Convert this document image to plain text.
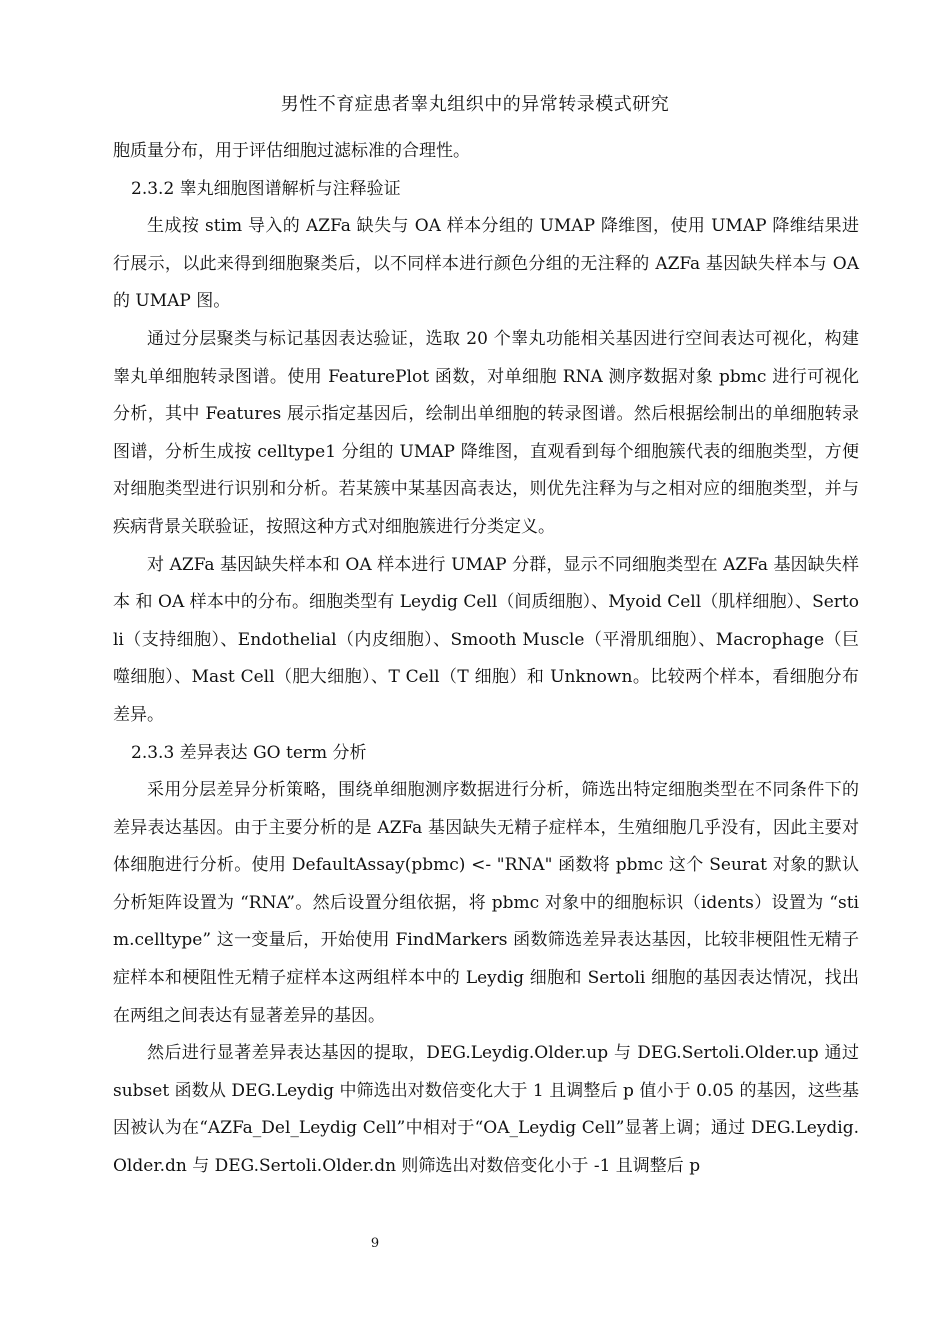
男性不育症患者睾丸组织中的异常转录模式研究

胞质量分布，用于评估细胞过滤标准的合理性。

2.3.2 睾丸细胞图谱解析与注释验证

生成按 stim 导入的 AZFa 缺失与 OA 样本分组的 UMAP 降维图，使用 UMAP 降维结果进行展示，以此来得到细胞聚类后，以不同样本进行颜色分组的无注释的 AZFa 基因缺失样本与 OA 的 UMAP 图。

通过分层聚类与标记基因表达验证，选取 20 个睾丸功能相关基因进行空间表达可视化，构建睾丸单细胞转录图谱。使用 FeaturePlot 函数，对单细胞 RNA 测序数据对象 pbmc 进行可视化分析，其中 Features 展示指定基因后，绘制出单细胞的转录图谱。然后根据绘制出的单细胞转录图谱，分析生成按 celltype1 分组的 UMAP 降维图，直观看到每个细胞簇代表的细胞类型，方便对细胞类型进行识别和分析。若某簇中某基因高表达，则优先注释为与之相对应的细胞类型，并与疾病背景关联验证，按照这种方式对细胞簇进行分类定义。

对 AZFa 基因缺失样本和 OA 样本进行 UMAP 分群，显示不同细胞类型在 AZFa 基因缺失样本 和 OA 样本中的分布。细胞类型有 Leydig Cell（间质细胞）、Myoid Cell（肌样细胞）、Sertoli（支持细胞）、Endothelial（内皮细胞）、Smooth Muscle（平滑肌细胞）、Macrophage（巨噬细胞）、Mast Cell（肥大细胞）、T Cell（T 细胞）和 Unknown。比较两个样本，看细胞分布差异。

2.3.3 差异表达 GO term 分析

采用分层差异分析策略，围绕单细胞测序数据进行分析，筛选出特定细胞类型在不同条件下的差异表达基因。由于主要分析的是 AZFa 基因缺失无精子症样本，生殖细胞几乎没有，因此主要对体细胞进行分析。使用 DefaultAssay(pbmc) <- "RNA" 函数将 pbmc 这个 Seurat 对象的默认分析矩阵设置为 “RNA”。然后设置分组依据，将 pbmc 对象中的细胞标识（idents）设置为 “stim.celltype” 这一变量后，开始使用 FindMarkers 函数筛选差异表达基因，比较非梗阻性无精子症样本和梗阻性无精子症样本这两组样本中的 Leydig 细胞和 Sertoli 细胞的基因表达情况，找出在两组之间表达有显著差异的基因。

然后进行显著差异表达基因的提取，DEG.Leydig.Older.up 与 DEG.Sertoli.Older.up 通过 subset 函数从 DEG.Leydig 中筛选出对数倍变化大于 1 且调整后 p 值小于 0.05 的基因，这些基因被认为在“AZFa_Del_Leydig Cell”中相对于“OA_Leydig Cell”显著上调；通过 DEG.Leydig.Older.dn 与 DEG.Sertoli.Older.dn 则筛选出对数倍变化小于 -1 且调整后 p

9
